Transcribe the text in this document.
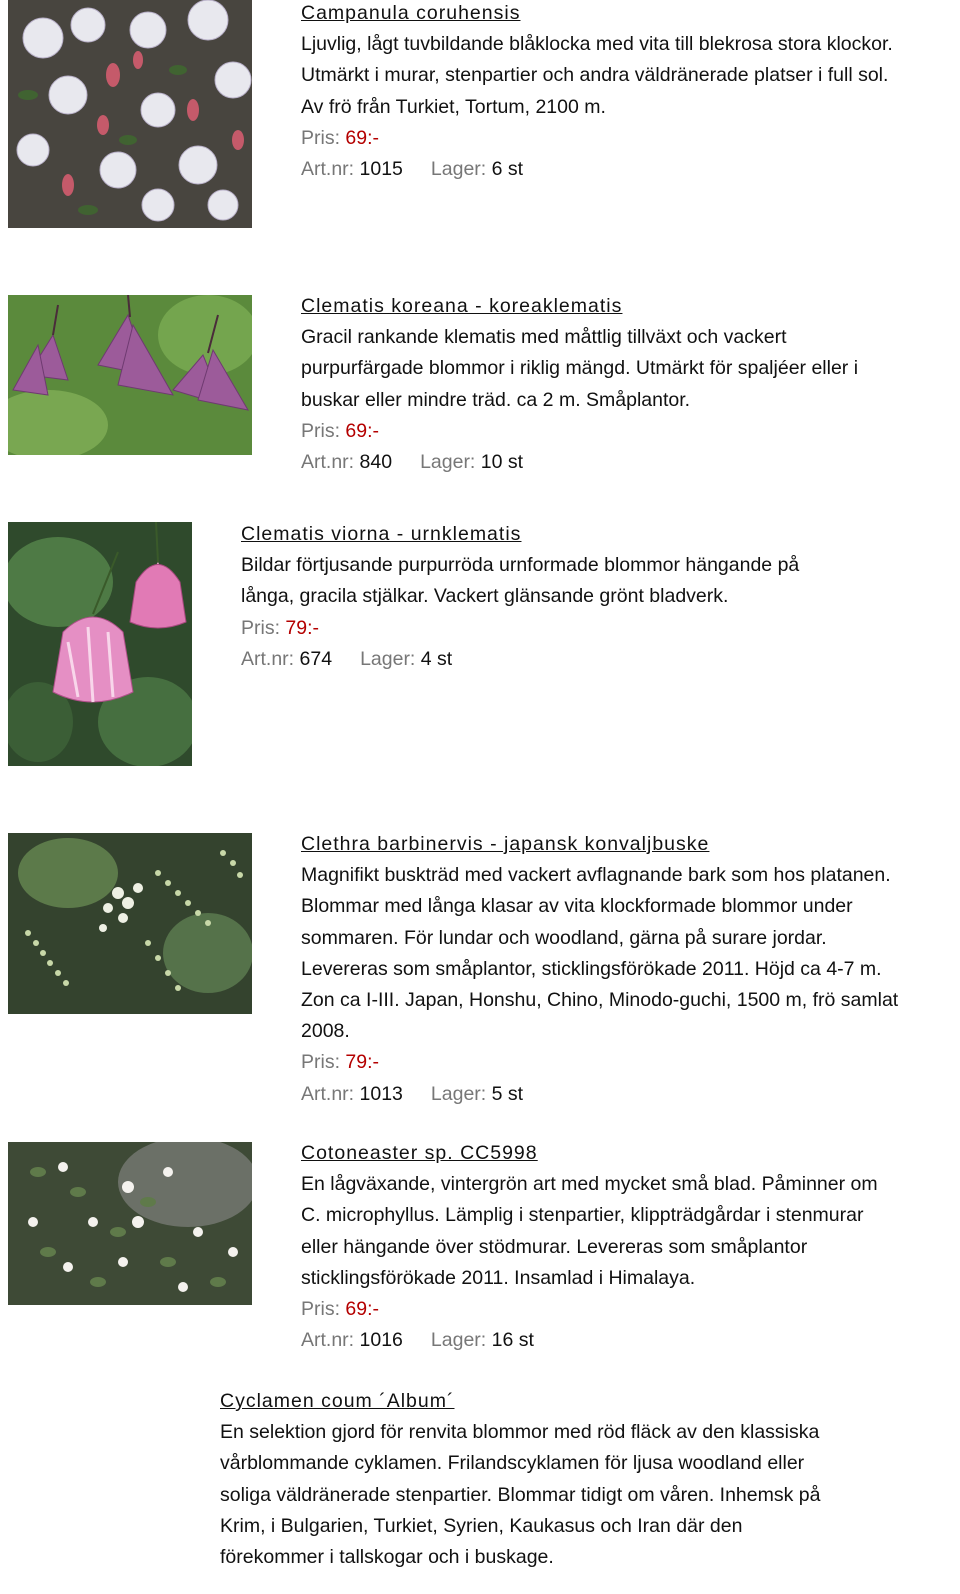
Campanula coruhensis
Ljuvlig, lågt tuvbildande blåklocka med vita till blekrosa stora klockor.
Utmärkt i murar, stenpartier och andra väldränerade platser i full sol.
Av frö från Turkiet, Tortum, 2100 m.
Pris: 69:-
Art.nr: 1015 Lager: 6 st
Clematis koreana - koreaklematis
Gracil rankande klematis med måttlig tillväxt och vackert
purpurfärgade blommor i riklig mängd. Utmärkt för spaljéer eller i
buskar eller mindre träd. ca 2 m. Småplantor.
Pris: 69:-
Art.nr: 840 Lager: 10 st
Clematis viorna - urnklematis
Bildar förtjusande purpurröda urnformade blommor hängande på
långa, gracila stjälkar. Vackert glänsande grönt bladverk.
Pris: 79:-
Art.nr: 674 Lager: 4 st
Clethra barbinervis - japansk konvaljbuske
Magnifikt buskträd med vackert avflagnande bark som hos platanen.
Blommar med långa klasar av vita klockformade blommor under
sommaren. För lundar och woodland, gärna på surare jordar.
Levereras som småplantor, sticklingsförökade 2011. Höjd ca 4-7 m.
Zon ca I-III. Japan, Honshu, Chino, Minodo-guchi, 1500 m, frö samlat
2008.
Pris: 79:-
Art.nr: 1013 Lager: 5 st
Cotoneaster sp. CC5998
En lågväxande, vintergrön art med mycket små blad. Påminner om
C. microphyllus. Lämplig i stenpartier, klippträdgårdar i stenmurar
eller hängande över stödmurar. Levereras som småplantor
sticklingsförökade 2011. Insamlad i Himalaya.
Pris: 69:-
Art.nr: 1016 Lager: 16 st
Cyclamen coum ´Album´
En selektion gjord för renvita blommor med röd fläck av den klassiska
vårblommande cyklamen. Frilandscyklamen för ljusa woodland eller
soliga väldränerade stenpartier. Blommar tidigt om våren. Inhemsk på
Krim, i Bulgarien, Turkiet, Syrien, Kaukasus och Iran där den
förekommer i tallskogar och i buskage.
